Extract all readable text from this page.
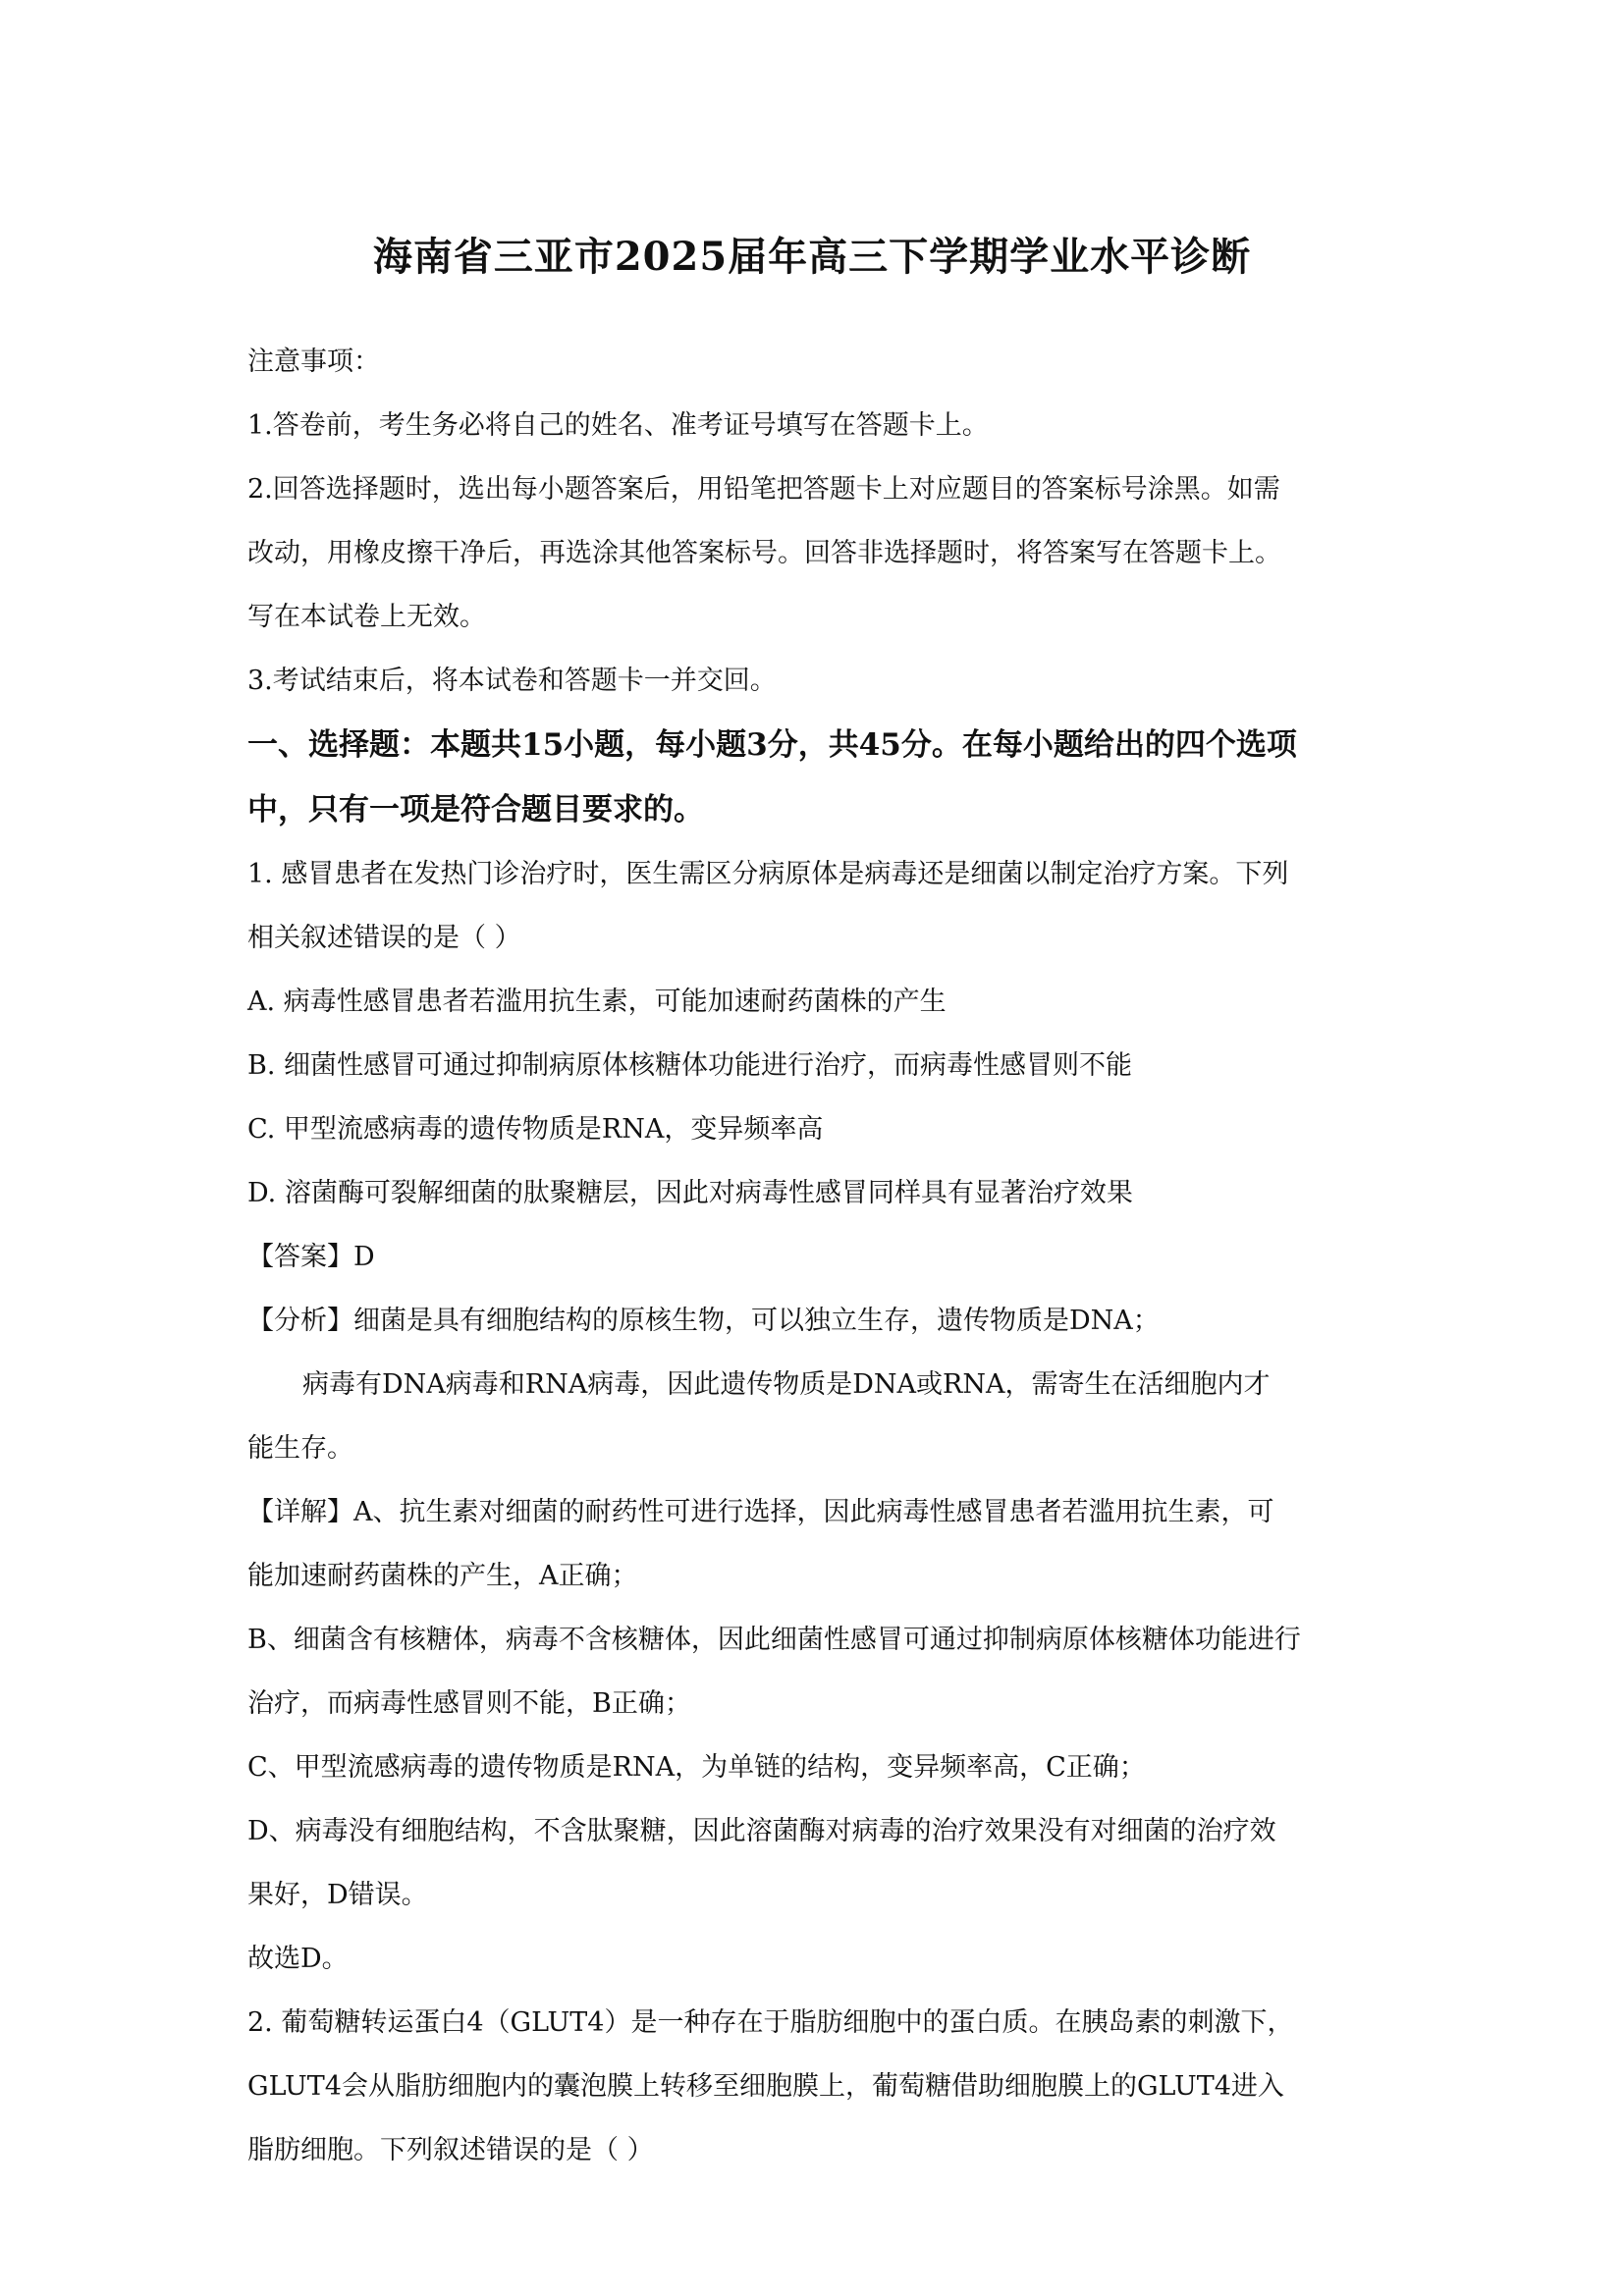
海南省三亚市2025届年高三下学期学业水平诊断
注意事项：
1.答卷前，考生务必将自己的姓名、准考证号填写在答题卡上。
2.回答选择题时，选出每小题答案后，用铅笔把答题卡上对应题目的答案标号涂黑。如需
改动，用橡皮擦干净后，再选涂其他答案标号。回答非选择题时，将答案写在答题卡上。
写在本试卷上无效。
3.考试结束后，将本试卷和答题卡一并交回。
一、选择题：本题共15小题，每小题3分，共45分。在每小题给出的四个选项
中，只有一项是符合题目要求的。
1. 感冒患者在发热门诊治疗时，医生需区分病原体是病毒还是细菌以制定治疗方案。下列
相关叙述错误的是（ ）
A. 病毒性感冒患者若滥用抗生素，可能加速耐药菌株的产生
B. 细菌性感冒可通过抑制病原体核糖体功能进行治疗，而病毒性感冒则不能
C. 甲型流感病毒的遗传物质是RNA，变异频率高
D. 溶菌酶可裂解细菌的肽聚糖层，因此对病毒性感冒同样具有显著治疗效果
【答案】D
【分析】细菌是具有细胞结构的原核生物，可以独立生存，遗传物质是DNA；
病毒有DNA病毒和RNA病毒，因此遗传物质是DNA或RNA，需寄生在活细胞内才
能生存。
【详解】A、抗生素对细菌的耐药性可进行选择，因此病毒性感冒患者若滥用抗生素，可
能加速耐药菌株的产生，A正确；
B、细菌含有核糖体，病毒不含核糖体，因此细菌性感冒可通过抑制病原体核糖体功能进行
治疗，而病毒性感冒则不能，B正确；
C、甲型流感病毒的遗传物质是RNA，为单链的结构，变异频率高，C正确；
D、病毒没有细胞结构，不含肽聚糖，因此溶菌酶对病毒的治疗效果没有对细菌的治疗效
果好，D错误。
故选D。
2. 葡萄糖转运蛋白4（GLUT4）是一种存在于脂肪细胞中的蛋白质。在胰岛素的刺激下，
GLUT4会从脂肪细胞内的囊泡膜上转移至细胞膜上，葡萄糖借助细胞膜上的GLUT4进入
脂肪细胞。下列叙述错误的是（ ）
